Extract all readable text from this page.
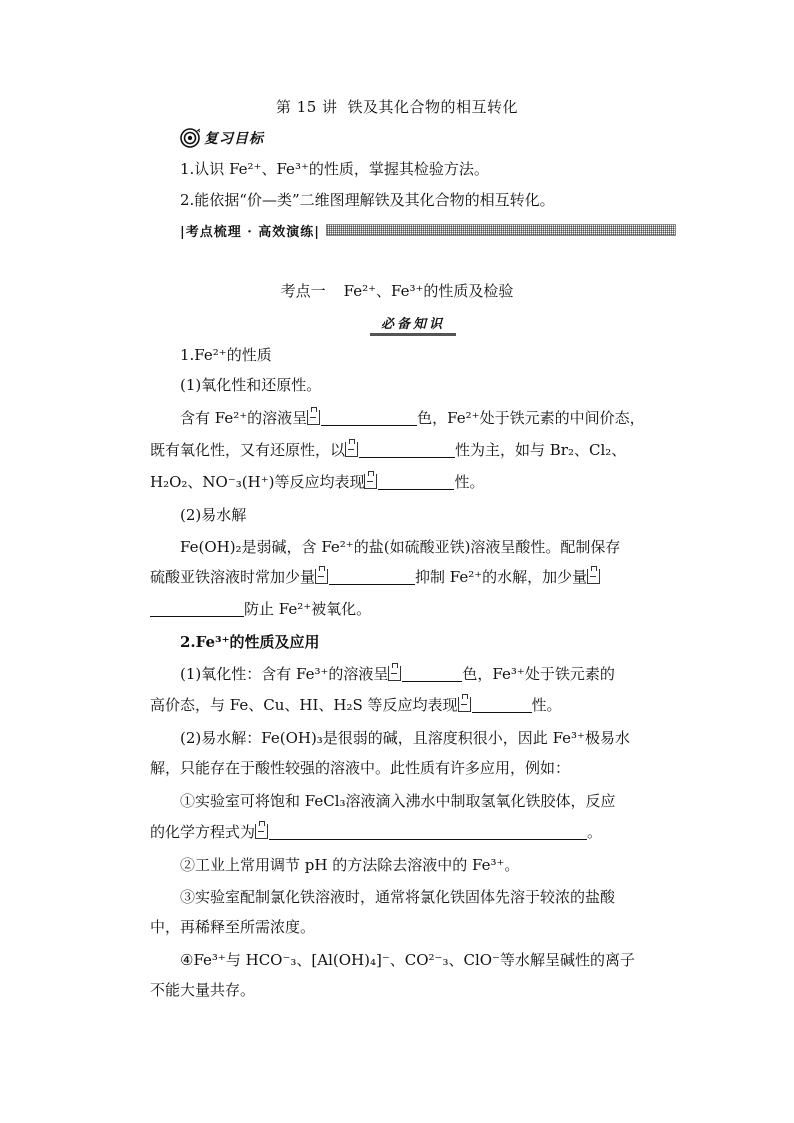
第 15 讲 铁及其化合物的相互转化
复习目标
1.认识 Fe²⁺、Fe³⁺的性质，掌握其检验方法。
2.能依据“价—类”二维图理解铁及其化合物的相互转化。
|考点梳理 · 高效演练|
考点一 Fe²⁺、Fe³⁺的性质及检验
必备知识
1.Fe²⁺的性质
(1)氧化性和还原性。
含有 Fe²⁺的溶液呈	色，Fe²⁺处于铁元素的中间价态，
既有氧化性，又有还原性，以	性为主，如与 Br₂、Cl₂、
H₂O₂、NO⁻₃(H⁺)等反应均表现	性。
(2)易水解
Fe(OH)₂是弱碱，含 Fe²⁺的盐(如硫酸亚铁)溶液呈酸性。配制保存
硫酸亚铁溶液时常加少量	抑制 Fe²⁺的水解，加少量
防止 Fe²⁺被氧化。
2.Fe³⁺的性质及应用
(1)氧化性：含有 Fe³⁺的溶液呈	色，Fe³⁺处于铁元素的
高价态，与 Fe、Cu、HI、H₂S 等反应均表现	性。
(2)易水解：Fe(OH)₃是很弱的碱，且溶度积很小，因此 Fe³⁺极易水
解，只能存在于酸性较强的溶液中。此性质有许多应用，例如：
①实验室可将饱和 FeCl₃溶液滴入沸水中制取氢氧化铁胶体，反应
的化学方程式为	。
②工业上常用调节 pH 的方法除去溶液中的 Fe³⁺。
③实验室配制氯化铁溶液时，通常将氯化铁固体先溶于较浓的盐酸
中，再稀释至所需浓度。
④Fe³⁺与 HCO⁻₃、[Al(OH)₄]⁻、CO²⁻₃、ClO⁻等水解呈碱性的离子
不能大量共存。
